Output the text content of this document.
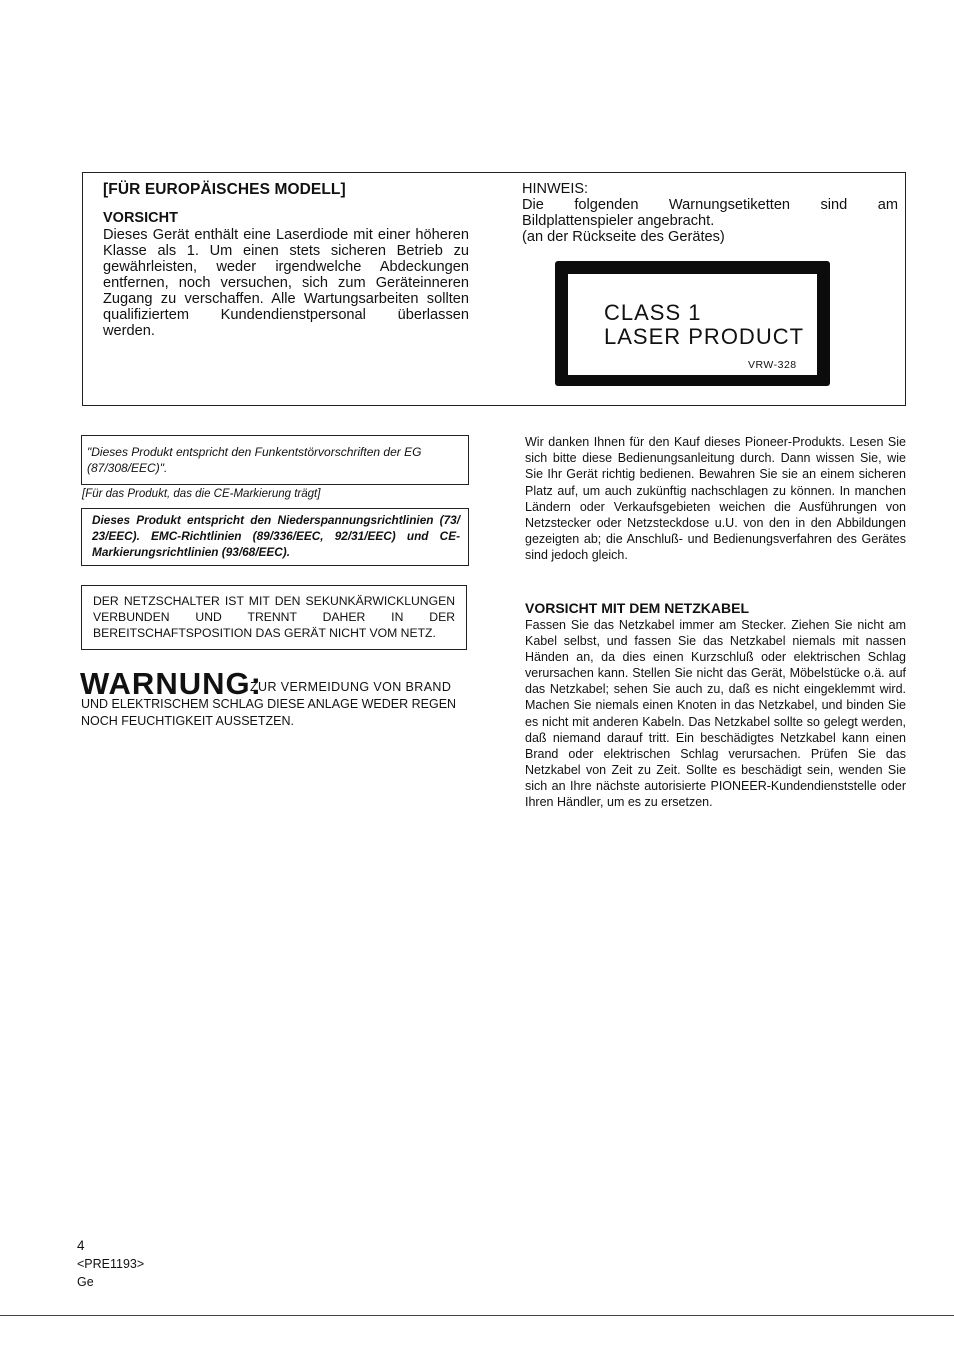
[FÜR EUROPÄISCHES MODELL]
VORSICHT
Dieses Gerät enthält eine Laserdiode mit einer höheren Klasse als 1. Um einen stets sicheren Betrieb zu gewährleisten, weder irgendwelche Abdeckungen entfernen, noch versuchen, sich zum Geräteinneren Zugang zu verschaffen. Alle Wartungsarbeiten sollten qualifiziertem Kundendienstpersonal überlassen werden.
HINWEIS:
Die folgenden Warnungsetiketten sind am Bildplattenspieler angebracht.
(an der Rückseite des Gerätes)
CLASS 1
LASER PRODUCT
VRW-328
"Dieses Produkt entspricht den Funkentstörvorschriften der EG (87/308/EEC)".
[Für das Produkt, das die CE-Markierung trägt]
Dieses Produkt entspricht den Niederspannungsrichtlinien (73/ 23/EEC). EMC-Richtlinien (89/336/EEC, 92/31/EEC) und CE-Markierungsrichtlinien (93/68/EEC).
DER NETZSCHALTER IST MIT DEN SEKUNKÄRWICKLUNGEN VERBUNDEN UND TRENNT DAHER IN DER BEREITSCHAFTSPOSITION DAS GERÄT NICHT VOM NETZ.
WARNUNG:
ZUR VERMEIDUNG VON BRAND
UND ELEKTRISCHEM SCHLAG DIESE ANLAGE WEDER REGEN
NOCH FEUCHTIGKEIT AUSSETZEN.
Wir danken Ihnen für den Kauf dieses Pioneer-Produkts. Lesen Sie sich bitte diese Bedienungsanleitung durch. Dann wissen Sie, wie Sie Ihr Gerät richtig bedienen. Bewahren Sie sie an einem sicheren Platz auf, um auch zukünftig nachschlagen zu können. In manchen Ländern oder Verkaufsgebieten weichen die Ausführungen von Netzstecker oder Netzsteckdose u.U. von den in den Abbildungen gezeigten ab; die Anschluß- und Bedienungsverfahren des Gerätes sind jedoch gleich.
VORSICHT MIT DEM NETZKABEL
Fassen Sie das Netzkabel immer am Stecker. Ziehen Sie nicht am Kabel selbst, und fassen Sie das Netzkabel niemals mit nassen Händen an, da dies einen Kurzschluß oder elektrischen Schlag verursachen kann. Stellen Sie nicht das Gerät, Möbelstücke o.ä. auf das Netzkabel; sehen Sie auch zu, daß es nicht eingeklemmt wird. Machen Sie niemals einen Knoten in das Netzkabel, und binden Sie es nicht mit anderen Kabeln. Das Netzkabel sollte so gelegt werden, daß niemand darauf tritt. Ein beschädigtes Netzkabel kann einen Brand oder elektrischen Schlag verursachen. Prüfen Sie das Netzkabel von Zeit zu Zeit. Sollte es beschädigt sein, wenden Sie sich an Ihre nächste autorisierte PIONEER-Kundendienststelle oder Ihren Händler, um es zu ersetzen.
4
<PRE1193>
Ge
